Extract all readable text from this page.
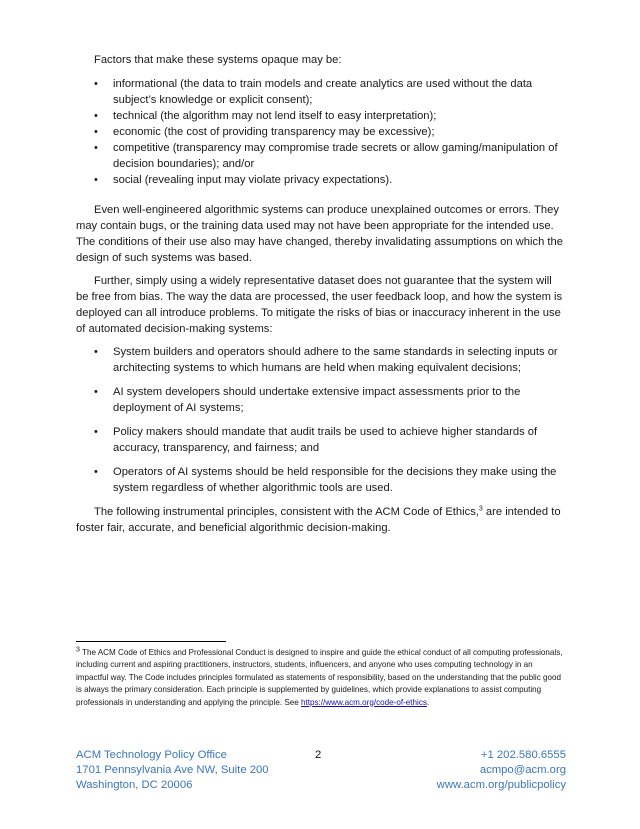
Factors that make these systems opaque may be:

• informational (the data to train models and create analytics are used without the data subject’s knowledge or explicit consent);
• technical (the algorithm may not lend itself to easy interpretation);
• economic (the cost of providing transparency may be excessive);
• competitive (transparency may compromise trade secrets or allow gaming/manipulation of decision boundaries); and/or
• social (revealing input may violate privacy expectations).

Even well-engineered algorithmic systems can produce unexplained outcomes or errors. They may contain bugs, or the training data used may not have been appropriate for the intended use. The conditions of their use also may have changed, thereby invalidating assumptions on which the design of such systems was based.

Further, simply using a widely representative dataset does not guarantee that the system will be free from bias. The way the data are processed, the user feedback loop, and how the system is deployed can all introduce problems. To mitigate the risks of bias or inaccuracy inherent in the use of automated decision-making systems:

• System builders and operators should adhere to the same standards in selecting inputs or architecting systems to which humans are held when making equivalent decisions;
• AI system developers should undertake extensive impact assessments prior to the deployment of AI systems;
• Policy makers should mandate that audit trails be used to achieve higher standards of accuracy, transparency, and fairness; and
• Operators of AI systems should be held responsible for the decisions they make using the system regardless of whether algorithmic tools are used.

The following instrumental principles, consistent with the ACM Code of Ethics,$^3$ are intended to foster fair, accurate, and beneficial algorithmic decision-making.

$^3$ The ACM Code of Ethics and Professional Conduct is designed to inspire and guide the ethical conduct of all computing professionals, including current and aspiring practitioners, instructors, students, influencers, and anyone who uses computing technology in an impactful way. The Code includes principles formulated as statements of responsibility, based on the understanding that the public good is always the primary consideration. Each principle is supplemented by guidelines, which provide explanations to assist computing professionals in understanding and applying the principle. See https://www.acm.org/code-of-ethics.
ACM Technology Policy Office
1701 Pennsylvania Ave NW, Suite 200
Washington, DC 20006
2	+1 202.580.6555
acmpo@acm.org
www.acm.org/publicpolicy
